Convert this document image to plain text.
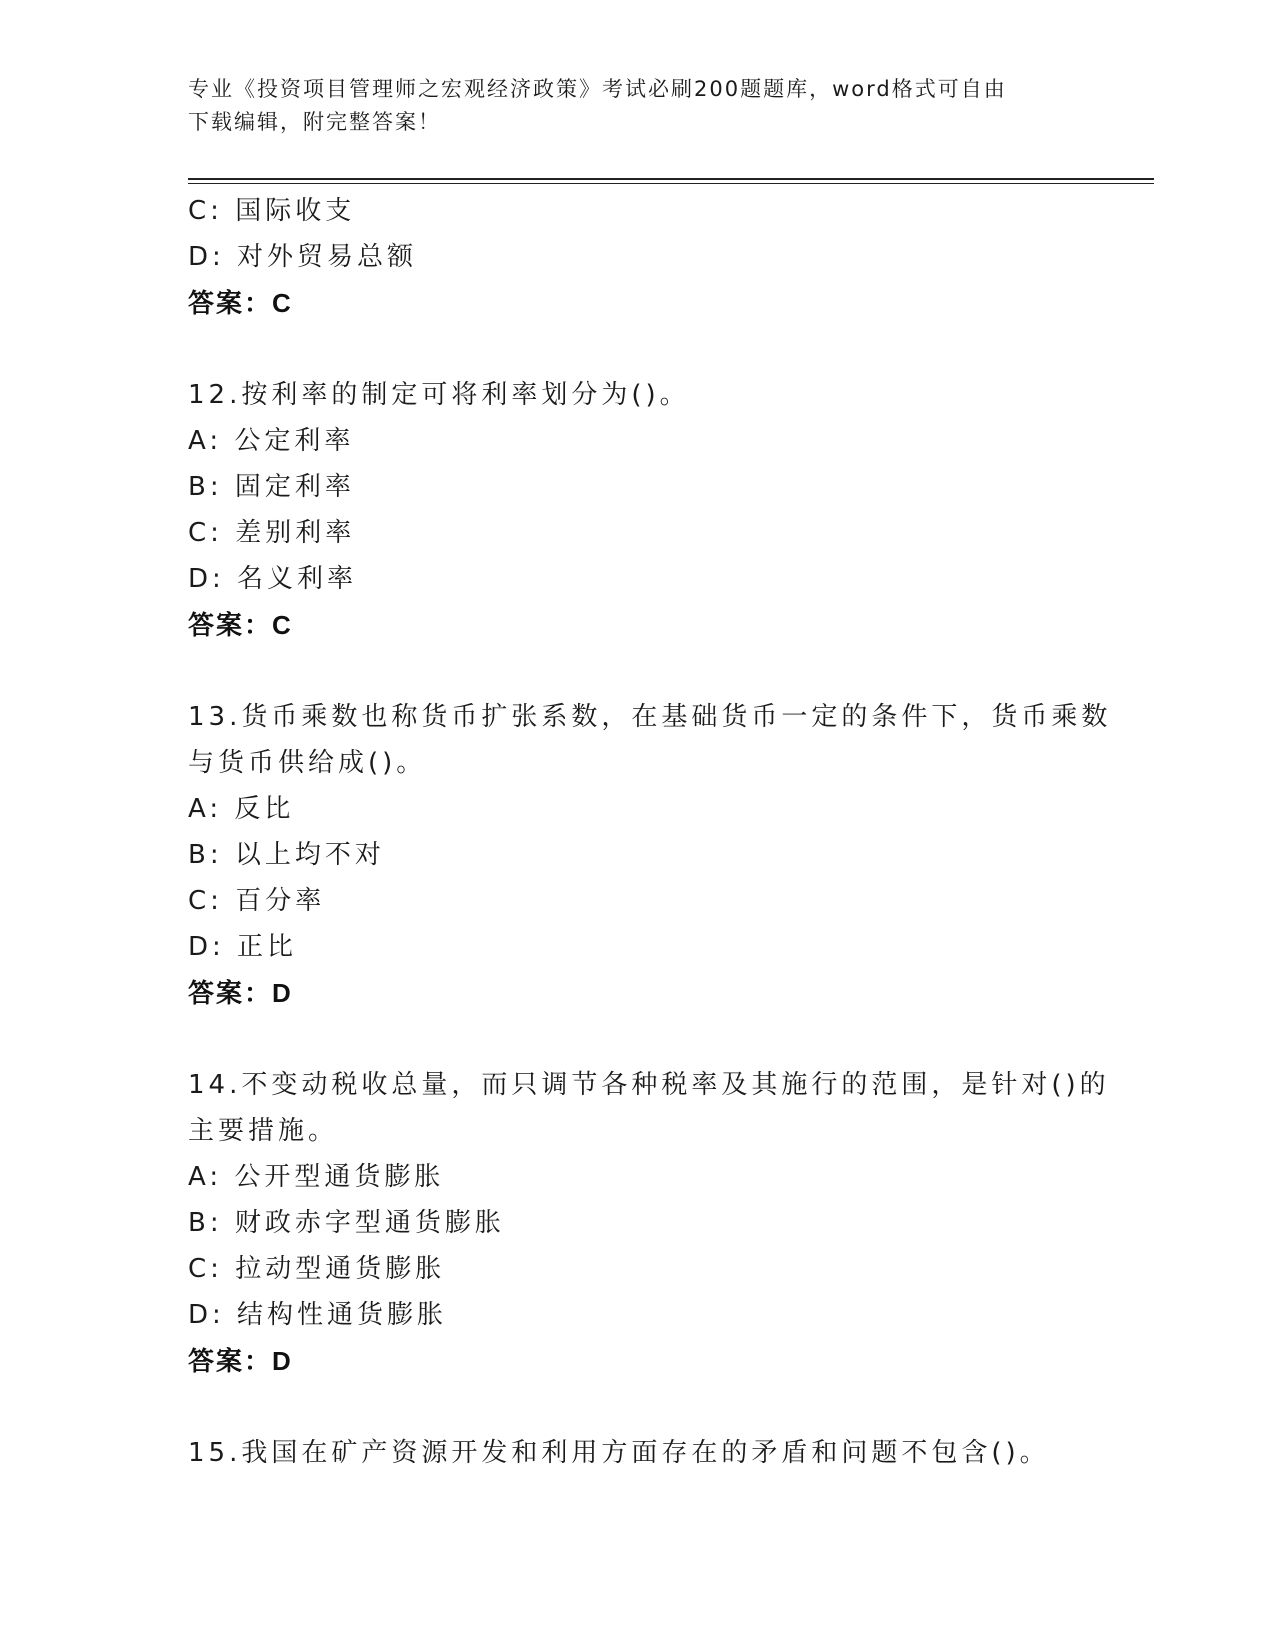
专业《投资项目管理师之宏观经济政策》考试必刷200题题库，word格式可自由
下载编辑，附完整答案！
C: 国际收支
D: 对外贸易总额
答案：C
12.按利率的制定可将利率划分为()。
A: 公定利率
B: 固定利率
C: 差别利率
D: 名义利率
答案：C
13.货币乘数也称货币扩张系数，在基础货币一定的条件下，货币乘数
与货币供给成()。
A: 反比
B: 以上均不对
C: 百分率
D: 正比
答案：D
14.不变动税收总量，而只调节各种税率及其施行的范围，是针对()的
主要措施。
A: 公开型通货膨胀
B: 财政赤字型通货膨胀
C: 拉动型通货膨胀
D: 结构性通货膨胀
答案：D
15.我国在矿产资源开发和利用方面存在的矛盾和问题不包含()。
